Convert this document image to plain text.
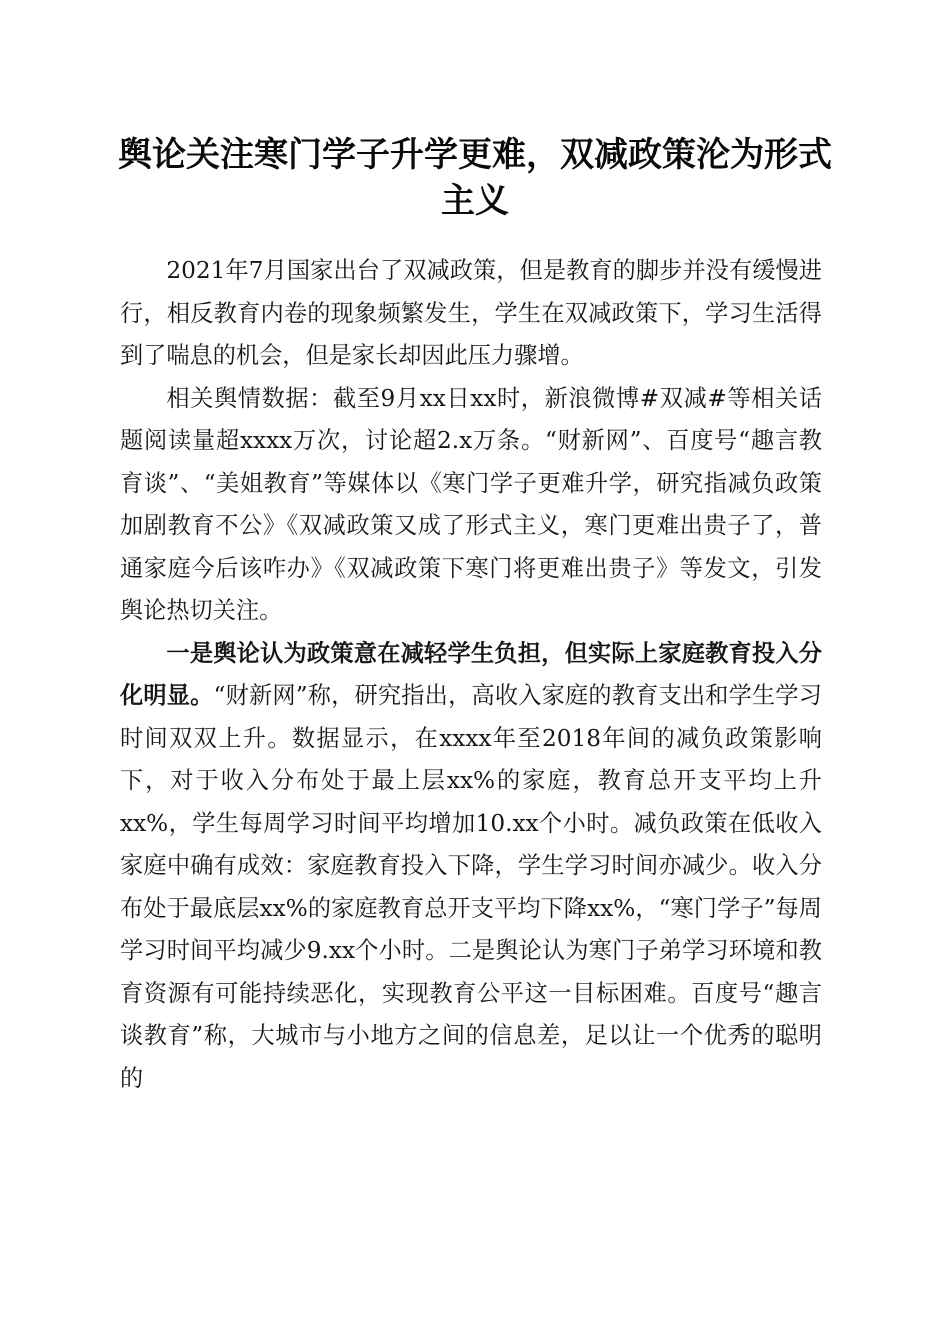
舆论关注寒门学子升学更难，双减政策沦为形式主义

2021年7月国家出台了双减政策，但是教育的脚步并没有缓慢进行，相反教育内卷的现象频繁发生，学生在双减政策下，学习生活得到了喘息的机会，但是家长却因此压力骤增。

相关舆情数据：截至9月xx日xx时，新浪微博#双减#等相关话题阅读量超xxxx万次，讨论超2.x万条。“财新网”、百度号“趣言教育谈”、“美姐教育”等媒体以《寒门学子更难升学，研究指减负政策加剧教育不公》《双减政策又成了形式主义，寒门更难出贵子了，普通家庭今后该咋办》《双减政策下寒门将更难出贵子》等发文，引发舆论热切关注。

一是舆论认为政策意在减轻学生负担，但实际上家庭教育投入分化明显。“财新网”称，研究指出，高收入家庭的教育支出和学生学习时间双双上升。数据显示，在xxxx年至2018年间的减负政策影响下，对于收入分布处于最上层xx%的家庭，教育总开支平均上升xx%，学生每周学习时间平均增加10.xx个小时。减负政策在低收入家庭中确有成效：家庭教育投入下降，学生学习时间亦减少。收入分布处于最底层xx%的家庭教育总开支平均下降xx%，“寒门学子”每周学习时间平均减少9.xx个小时。二是舆论认为寒门子弟学习环境和教育资源有可能持续恶化，实现教育公平这一目标困难。百度号“趣言谈教育”称，大城市与小地方之间的信息差，足以让一个优秀的聪明的
